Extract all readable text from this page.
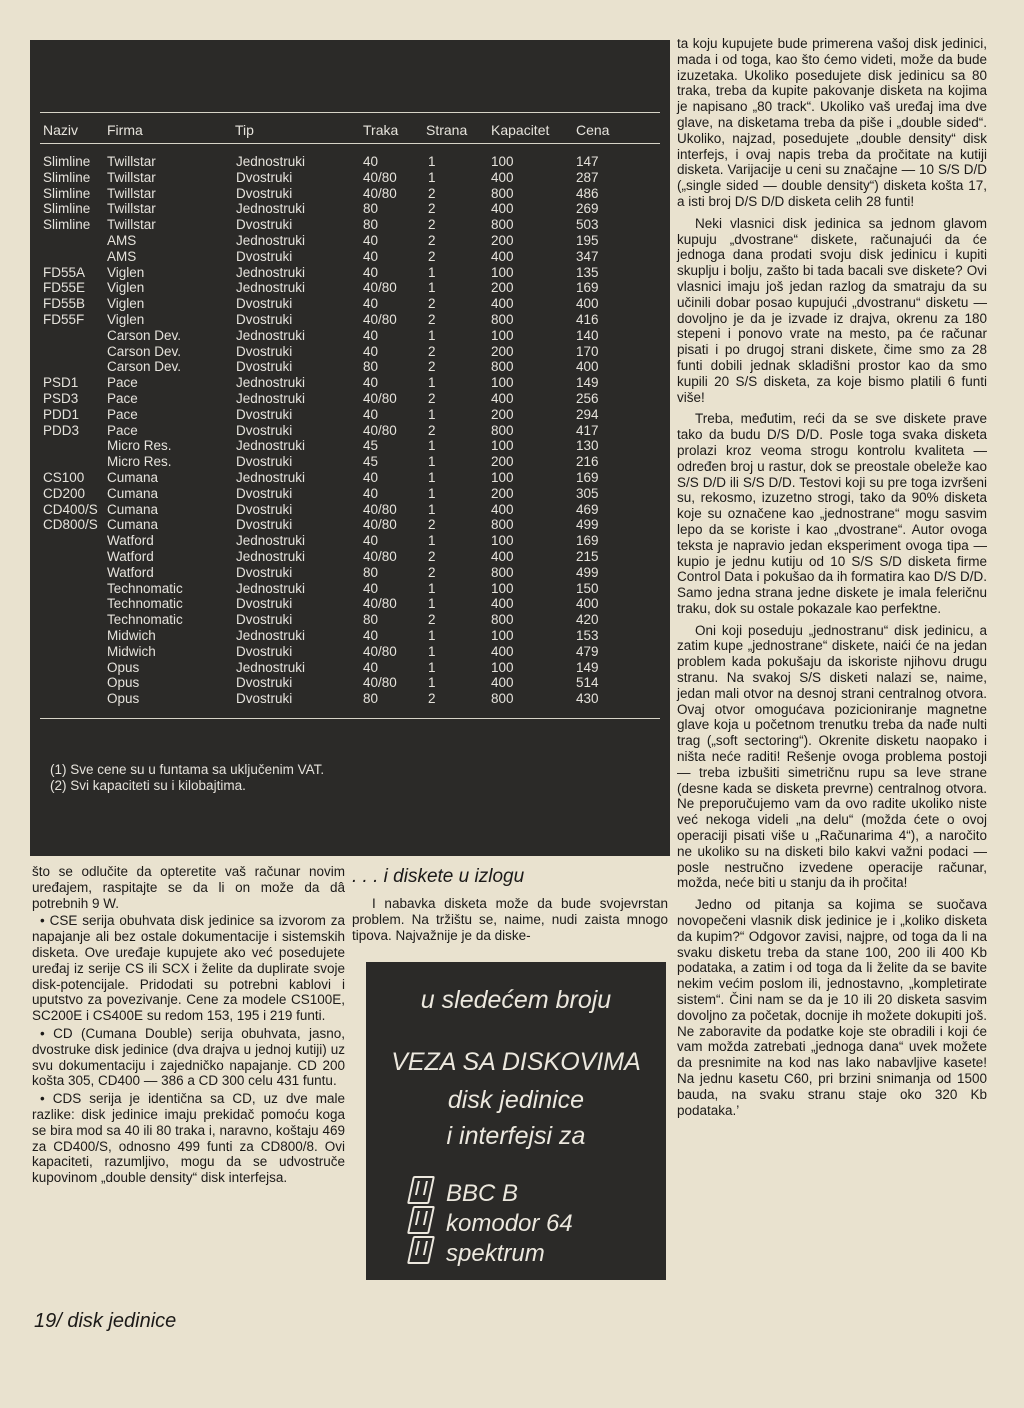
Naziv Firma	Tip	Traka Strana Kapacitet Cena
Slimline Twillstar	Jednostruki	40	1	100	147
Slimline Twillstar	Dvostruki	40/80 1	400	287
Slimline Twillstar	Dvostruki	40/80 2	800	486
Slimline Twillstar	Jednostruki	80	2	400	269
Slimline Twillstar	Dvostruki	80	2	800	503
AMS	Jednostruki	40	2	200	195
AMS	Dvostruki	40	2	400	347
FD55A Viglen	Jednostruki	40	1	100	135
FD55E Viglen	Jednostruki	40/80 1	200	169
FD55B Viglen	Dvostruki	40	2	400	400
FD55F Viglen	Dvostruki	40/80 2	800	416
Carson Dev.	Jednostruki	40	1	100	140
Carson Dev.	Dvostruki	40	2	200	170
Carson Dev.	Dvostruki	80	2	800	400
PSD1 Pace	Jednostruki	40	1	100	149
PSD3 Pace	Jednostruki	40/80 2	400	256
PDD1 Pace	Dvostruki	40	1	200	294
PDD3 Pace	Dvostruki	40/80 2	800	417
Micro Res.	Jednostruki	45	1	100	130
Micro Res.	Dvostruki	45	1	200	216
CS100 Cumana	Jednostruki	40	1	100	169
CD200 Cumana	Dvostruki	40	1	200	305
CD400/S Cumana	Dvostruki	40/80 1	400	469
CD800/S Cumana	Dvostruki	40/80 2	800	499
Watford	Jednostruki	40	1	100	169
Watford	Jednostruki	40/80 2	400	215
Watford	Dvostruki	80	2	800	499
Technomatic	Jednostruki	40	1	100	150
Technomatic	Dvostruki	40/80 1	400	400
Technomatic	Dvostruki	80	2	800	420
Midwich	Jednostruki	40	1	100	153
Midwich	Dvostruki	40/80 1	400	479
Opus	Jednostruki	40	1	100	149
Opus	Dvostruki	40/80 1	400	514
Opus	Dvostruki	80	2	800	430
(1) Sve cene su u funtama sa uključenim VAT.
(2) Svi kapaciteti su i kilobajtima.

što se odlučite da opteretite vaš računar novim uređajem, raspitajte se da li on može da dâ potrebnih 9 W.

• CSE serija obuhvata disk jedinice sa izvorom za napajanje ali bez ostale dokumentacije i sistemskih disketa. Ove uređaje kupujete ako već posedujete uređaj iz serije CS ili SCX i želite da duplirate svoje disk-potencijale. Pridodati su potrebni kablovi i uputstvo za povezivanje. Cene za modele CS100E, SC200E i CS400E su redom 153, 195 i 219 funti.

• CD (Cumana Double) serija obuhvata, jasno, dvostruke disk jedinice (dva drajva u jednoj kutiji) uz svu dokumentaciju i zajedničko napajanje. CD 200 košta 305, CD400 — 386 a CD 300 celu 431 funtu.

• CDS serija je identična sa CD, uz dve male razlike: disk jedinice imaju prekidač pomoću koga se bira mod sa 40 ili 80 traka i, naravno, koštaju 469 za CD400/S, odnosno 499 funti za CD800/8. Ovi kapaciteti, razumljivo, mogu da se udvostruče kupovinom „double density“ disk interfejsa.

. . . i diskete u izlogu

I nabavka disketa može da bude svojevrstan problem. Na tržištu se, naime, nudi zaista mnogo tipova. Najvažnije je da diske-

u sledećem broju
VEZA SA DISKOVIMA
disk jedinice
i interfejsi za
BBC B
komodor 64
spektrum

ta koju kupujete bude primerena vašoj disk jedinici, mada i od toga, kao što ćemo videti, može da bude izuzetaka. Ukoliko posedujete disk jedinicu sa 80 traka, treba da kupite pakovanje disketa na kojima je napisano „80 track“. Ukoliko vaš uređaj ima dve glave, na disketama treba da piše i „double sided“. Ukoliko, najzad, posedujete „double density“ disk interfejs, i ovaj napis treba da pročitate na kutiji disketa. Varijacije u ceni su značajne — 10 S/S D/D („single sided — double density“) disketa košta 17, a isti broj D/S D/D disketa celih 28 funti!

Neki vlasnici disk jedinica sa jednom glavom kupuju „dvostrane“ diskete, računajući da će jednoga dana prodati svoju disk jedinicu i kupiti skuplju i bolju, zašto bi tada bacali sve diskete? Ovi vlasnici imaju još jedan razlog da smatraju da su učinili dobar posao kupujući „dvostranu“ disketu — dovoljno je da je izvade iz drajva, okrenu za 180 stepeni i ponovo vrate na mesto, pa će računar pisati i po drugoj strani diskete, čime smo za 28 funti dobili jednak skladišni prostor kao da smo kupili 20 S/S disketa, za koje bismo platili 6 funti više!

Treba, međutim, reći da se sve diskete prave tako da budu D/S D/D. Posle toga svaka disketa prolazi kroz veoma strogu kontrolu kvaliteta — određen broj u rastur, dok se preostale obeleže kao S/S D/D ili S/S D/D. Testovi koji su pre toga izvršeni su, rekosmo, izuzetno strogi, tako da 90% disketa koje su označene kao „jednostrane“ mogu sasvim lepo da se koriste i kao „dvostrane“. Autor ovoga teksta je napravio jedan eksperiment ovoga tipa — kupio je jednu kutiju od 10 S/S S/D disketa firme Control Data i pokušao da ih formatira kao D/S D/D. Samo jedna strana jedne diskete je imala feleričnu traku, dok su ostale pokazale kao perfektne.

Oni koji poseduju „jednostranu“ disk jedinicu, a zatim kupe „jednostrane“ diskete, naići će na jedan problem kada pokušaju da iskoriste njihovu drugu stranu. Na svakoj S/S disketi nalazi se, naime, jedan mali otvor na desnoj strani centralnog otvora. Ovaj otvor omogućava pozicioniranje magnetne glave koja u početnom trenutku treba da nađe nulti trag („soft sectoring“). Okrenite disketu naopako i ništa neće raditi! Rešenje ovoga problema postoji — treba izbušiti simetričnu rupu sa leve strane (desne kada se disketa prevrne) centralnog otvora. Ne preporučujemo vam da ovo radite ukoliko niste već nekoga videli „na delu“ (možda ćete o ovoj operaciji pisati više u „Računarima 4“), a naročito ne ukoliko su na disketi bilo kakvi važni podaci — posle nestručno izvedene operacije računar, možda, neće biti u stanju da ih pročita!

Jedno od pitanja sa kojima se suočava novopečeni vlasnik disk jedinice je i „koliko disketa da kupim?“ Odgovor zavisi, najpre, od toga da li na svaku disketu treba da stane 100, 200 ili 400 Kb podataka, a zatim i od toga da li želite da se bavite nekim većim poslom ili, jednostavno, „kompletirate sistem“. Čini nam se da je 10 ili 20 disketa sasvim dovoljno za početak, docnije ih možete dokupiti još. Ne zaboravite da podatke koje ste obradili i koji će vam možda zatrebati „jednoga dana“ uvek možete da presnimite na kod nas lako nabavljive kasete! Na jednu kasetu C60, pri brzini snimanja od 1500 bauda, na svaku stranu staje oko 320 Kb podataka.’

19/ disk jedinice
